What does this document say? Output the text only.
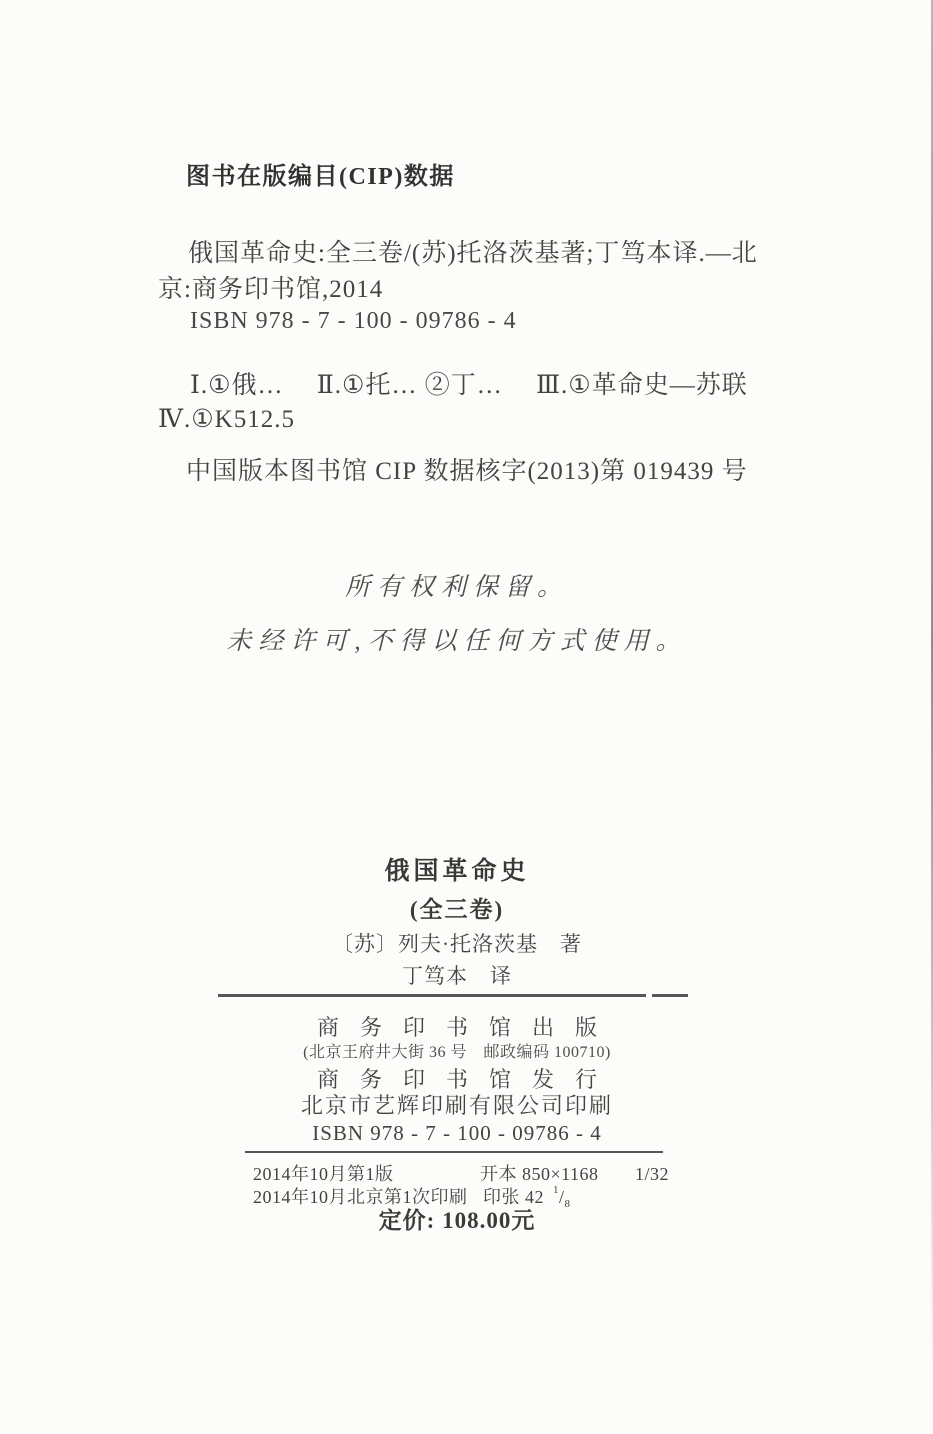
图书在版编目(CIP)数据
俄国革命史:全三卷/(苏)托洛茨基著;丁笃本译.—北
京:商务印书馆,2014
ISBN 978 - 7 - 100 - 09786 - 4
Ⅰ.①俄…　 Ⅱ.①托… ②丁…　 Ⅲ.①革命史—苏联
Ⅳ.①K512.5
中国版本图书馆 CIP 数据核字(2013)第 019439 号
所有权利保留。
未经许可,不得以任何方式使用。
俄国革命史
(全三卷)
〔苏〕列夫·托洛茨基　著
丁笃本　译
商务印书馆出版
(北京王府井大街 36 号　邮政编码 100710)
商务印书馆发行
北京市艺辉印刷有限公司印刷
ISBN 978 - 7 - 100 - 09786 - 4
2014年10月第1版	开本 850×1168 1/32
2014年10月北京第1次印刷 印张 42 $^1/_8$
定价: 108.00元
